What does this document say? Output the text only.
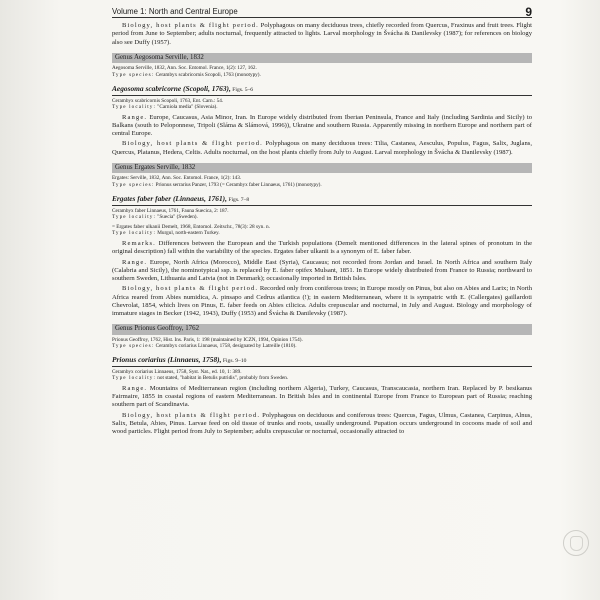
Volume 1: North and Central Europe	9

Biology, host plants & flight period. Polyphagous on many deciduous trees, chiefly recorded from Quercus, Fraxinus and fruit trees. Flight period from June to September; adults nocturnal, frequently attracted to lights. Larval morphology in Švácha & Danilevsky (1987); for references on biology also see Duffy (1957).

Genus Aegosoma Serville, 1832

Aegosoma Serville, 1832, Ann. Soc. Entomol. France, 1(2): 127, 162.

Type species: Cerambyx scabricornis Scopoli, 1763 (monotypy).

Aegosoma scabricorne (Scopoli, 1763), Figs. 5–6

Cerambyx scabricornis Scopoli, 1763, Ent. Carn.: 54.

Type locality: "Carniola media" (Slovenia).

Range. Europe, Caucasus, Asia Minor, Iran. In Europe widely distributed from Iberian Peninsula, France and Italy (including Sardinia and Sicily) to Balkans (south to Peloponnese, Tripoli (Sláma & Slámová, 1996)), Ukraine and southern Russia. Apparently missing in northern Europe and northern part of central Europe.

Biology, host plants & flight period. Polyphagous on many deciduous trees: Tilia, Castanea, Aesculus, Populus, Fagus, Salix, Juglans, Quercus, Platanus, Hedera, Celtis. Adults nocturnal, on the host plants chiefly from July to August. Larval morphology in Švácha & Danilevsky (1987).

Genus Ergates Serville, 1832

Ergates: Serville, 1832, Ann. Soc. Entomol. France, 1(2): 143.

Type species: Prionus serrarius Panzer, 1793 (= Cerambyx faber Linnaeus, 1761) (monotypy).

Ergates faber faber (Linnaeus, 1761), Figs. 7–8

Cerambyx faber Linnaeus, 1761, Fauna Suecica, 2: 187.

Type locality: "Suecia" (Sweden).

= Ergates faber ulkanii Demelt, 1968, Entomol. Zeitschr., 78(3): 28 syn. n.

Type locality: Murgul, north-eastern Turkey.

Remarks. Differences between the European and the Turkish populations (Demelt mentioned differences in the lateral spines of pronotum in the original description) fall within the variability of the species. Ergates faber ulkanii is a synonym of E. faber faber.

Range. Europe, North Africa (Morocco), Middle East (Syria), Caucasus; not recorded from Jordan and Israel. In North Africa and southern Italy (Calabria and Sicily), the nominotypical ssp. is replaced by E. faber opifex Mulsant, 1851. In Europe widely distributed from France to Russia; northward to southern Sweden, Lithuania and Latvia (not in Denmark); occasionally imported in British Isles.

Biology, host plants & flight period. Recorded only from coniferous trees; in Europe mostly on Pinus, but also on Abies and Larix; in North Africa reared from Abies numidica, A. pinsapo and Cedrus atlantica (!); in eastern Mediterranean, where it is sympatric with E. (Callergates) gaillardoti Chevrolat, 1854, which lives on Pinus, E. faber feeds on Abies cilicica. Adults crepuscular and nocturnal, in July and August. Biology and morphology of immature stages in Becker (1942, 1943), Duffy (1953) and Švácha & Danilevsky (1987).

Genus Prionus Geoffroy, 1762

Prionus Geoffroy, 1762, Hist. Ins. Paris, 1: 198 (maintained by ICZN, 1994, Opinion 1754).

Type species: Cerambyx coriarius Linnaeus, 1758, designated by Latreille (1810).

Prionus coriarius (Linnaeus, 1758), Figs. 9–10

Cerambyx coriarius Linnaeus, 1758, Syst. Nat., ed. 10, 1: 389.

Type locality: not stated, "habitat in Betulis putridis", probably from Sweden.

Range. Mountains of Mediterranean region (including northern Algeria), Turkey, Caucasus, Transcaucasia, northern Iran. Replaced by P. besikanus Fairmaire, 1855 in coastal regions of eastern Mediterranean. In British Isles and in continental Europe from France to European part of Russia; reaching southern part of Scandinavia.

Biology, host plants & flight period. Polyphagous on deciduous and coniferous trees: Quercus, Fagus, Ulmus, Castanea, Carpinus, Alnus, Salix, Betula, Abies, Pinus. Larvae feed on old tissue of trunks and roots, usually underground. Pupation occurs underground in cocoons made of soil and wood particles. Flight period from July to September; adults crepuscular or nocturnal, occasionally attracted to
